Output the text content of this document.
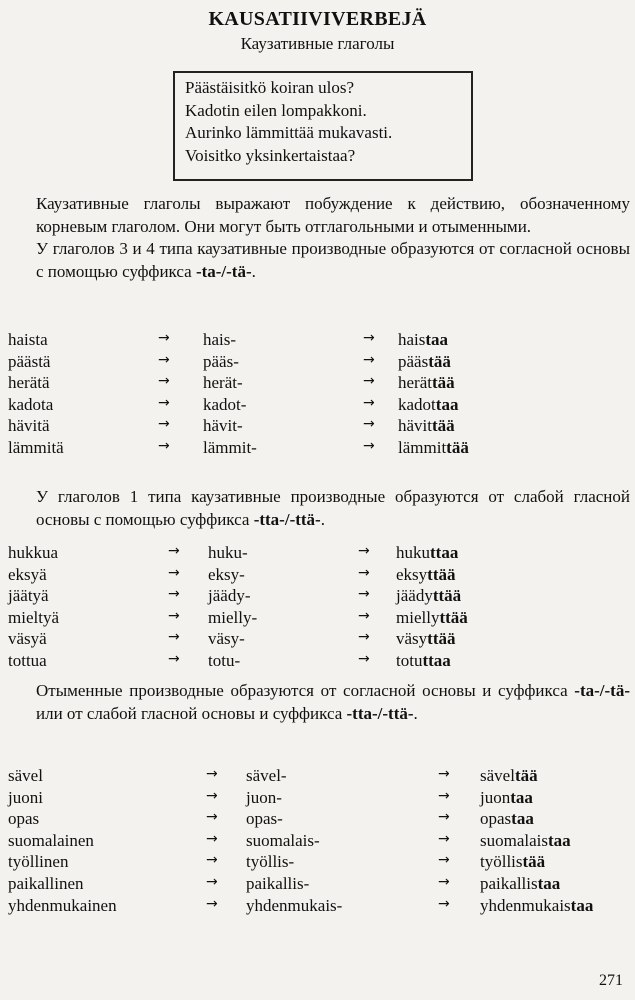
KAUSATIIVIVERBEJÄ
Каузативные глаголы
Päästäisitkö koiran ulos?
Kadotin eilen lompakkoni.
Aurinko lämmittää mukavasti.
Voisitko yksinkertaistaa?
Каузативные глаголы выражают побуждение к действию, обозначенному корневым глаголом. Они могут быть отглагольными и отыменными.
У глаголов 3 и 4 типа каузативные производные образуются от согласной основы с помощью суффикса -ta-/-tä-.
haista	→ hais-	→ haistaa
päästä	→ pääs-	→ päästää
herätä	→ herät-	→ herättää
kadota	→ kadot-	→ kadottaa
hävitä	→ hävit-	→ hävittää
lämmitä	→ lämmit-	→ lämmittää
У глаголов 1 типа каузативные производные образуются от слабой гласной основы с помощью суффикса -tta-/-ttä-.
hukkua	→ huku-	→ hukuttaa
eksyä	→ eksy-	→ eksyttää
jäätyä	→ jäädy-	→ jäädyttää
mieltyä	→ mielly-	→ miellyttää
väsyä	→ väsy-	→ väsyttää
tottua	→ totu-	→ totuttaa
Отыменные производные образуются от согласной основы и суффикса -ta-/-tä- или от слабой гласной основы и суффикса -tta-/-ttä-.
sävel	→ sävel-	→ säveltää
juoni	→ juon-	→ juontaa
opas	→ opas-	→ opastaa
suomalainen	→ suomalais-	→ suomalaistaa
työllinen	→ työllis-	→ työllistää
paikallinen	→ paikallis-	→ paikallistaa
yhdenmukainen	→ yhdenmukais-	→ yhdenmukaistaa
271
